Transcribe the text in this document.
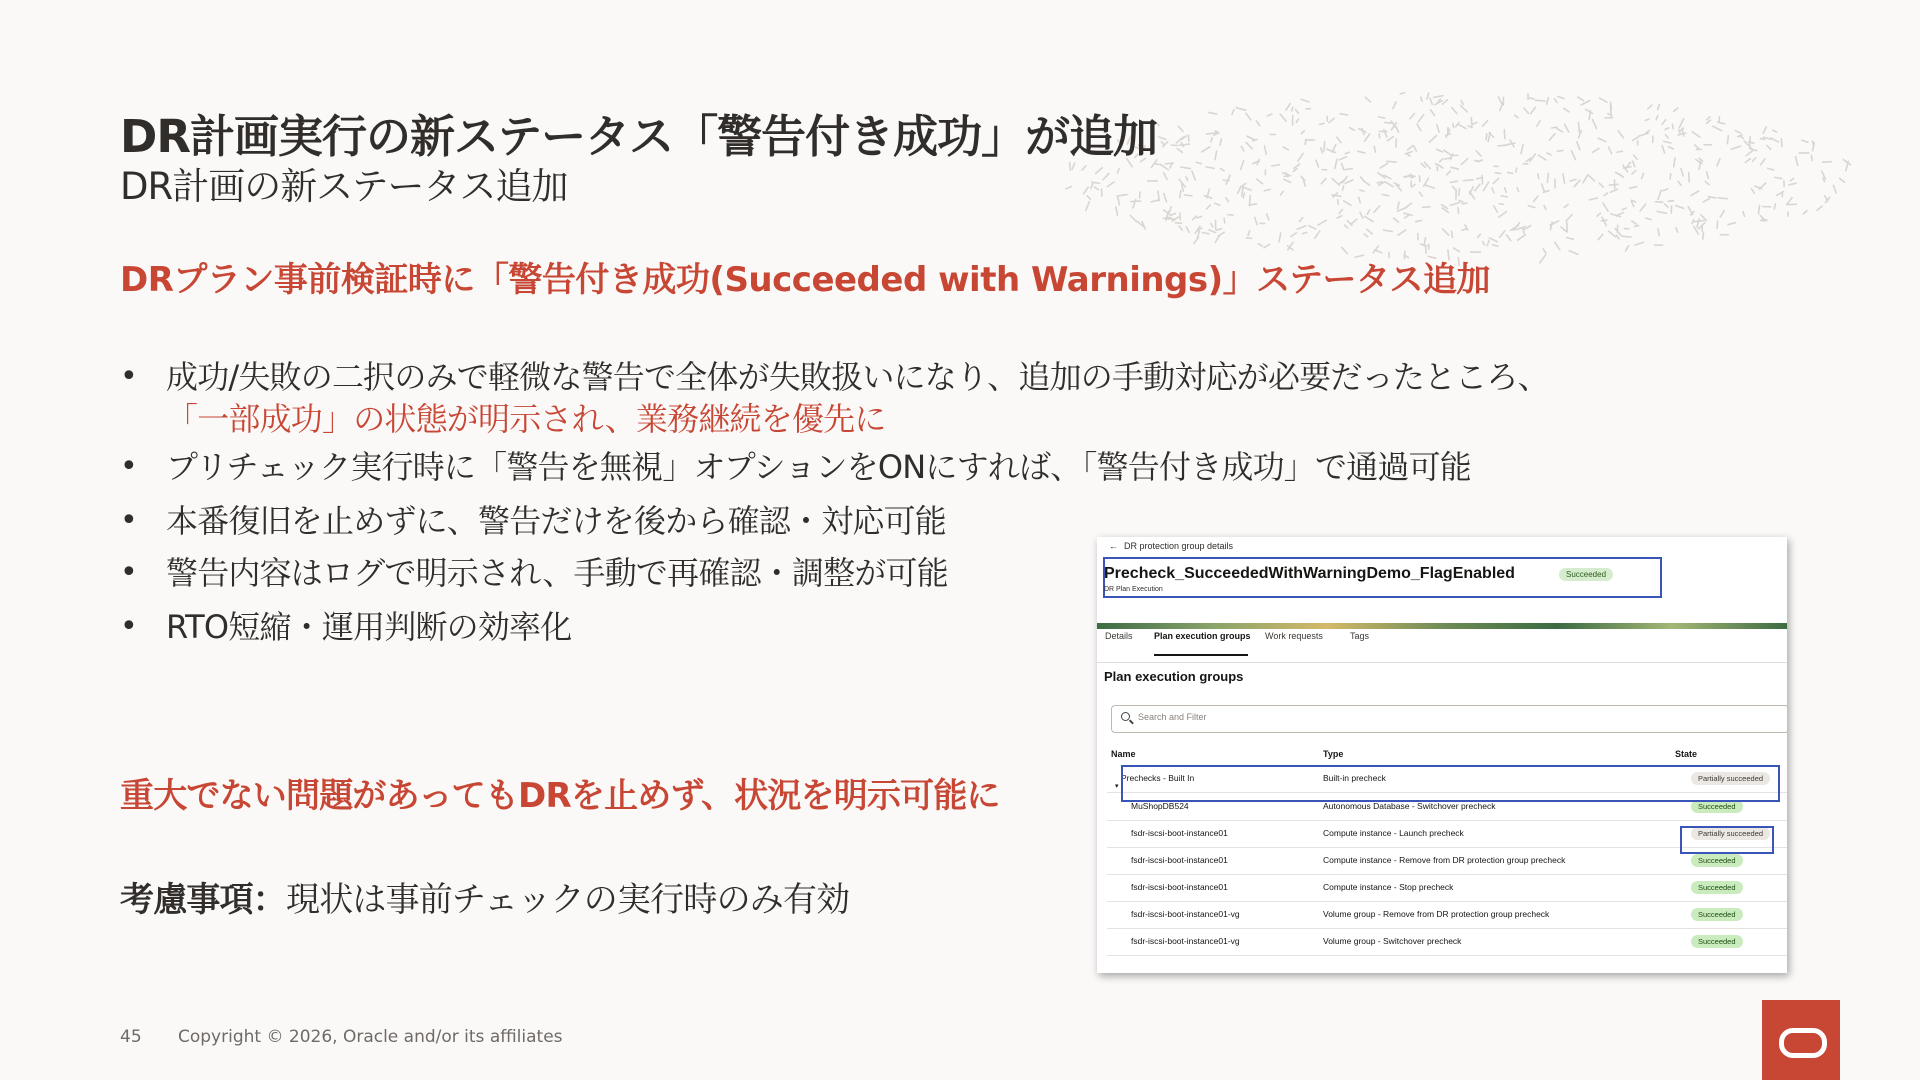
DR計画実行の新ステータス「警告付き成功」が追加
DR計画の新ステータス追加
DRプラン事前検証時に「警告付き成功(Succeeded with Warnings)」ステータス追加
• 成功/失敗の二択のみで軽微な警告で全体が失敗扱いになり、追加の手動対応が必要だったところ、
「一部成功」の状態が明示され、業務継続を優先に
• プリチェック実行時に「警告を無視」オプションをONにすれば、「警告付き成功」で通過可能
• 本番復旧を止めずに、警告だけを後から確認・対応可能
• 警告内容はログで明示され、手動で再確認・調整が可能
• RTO短縮・運用判断の効率化
重大でない問題があってもDRを止めず、状況を明示可能に
考慮事項：現状は事前チェックの実行時のみ有効
← DR protection group details
Precheck_SucceededWithWarningDemo_FlagEnabled	Succeeded
DR Plan Execution
Details Plan execution groups Work requests	Tags
Plan execution groups
Search and Filter
Name	Type	State
Prechecks - Built In	Built-in precheck	Partially succeeded
MuShopDB524	Autonomous Database - Switchover precheck	Succeeded
fsdr-iscsi-boot-instance01	Compute instance - Launch precheck	Partially succeeded
fsdr-iscsi-boot-instance01	Compute instance - Remove from DR protection group precheck	Succeeded
fsdr-iscsi-boot-instance01	Compute instance - Stop precheck	Succeeded
fsdr-iscsi-boot-instance01-vg	Volume group - Remove from DR protection group precheck	Succeeded
fsdr-iscsi-boot-instance01-vg	Volume group - Switchover precheck	Succeeded
▾
45 Copyright © 2026, Oracle and/or its affiliates
